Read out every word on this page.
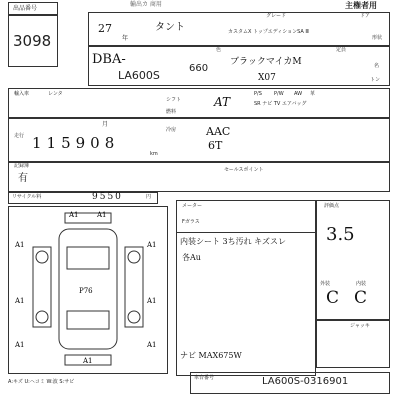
出品番号
3098
輸出カ 商用	主権者用
27
年
タント
グレード
カスタムX トップエディションSA Ⅲ
ドア
形状
DBA-
LA600S
660
色
ブラックマイカM
X07
定員
名
トン
輸入車	レンタ
シフト	AT
燃料
P/S P/W AW 革
SR ナビ TV エアバッグ
月
冷房	AAC
走行 115908
km
6T
記録簿
有
セールスポイント
リサイクル料	9550	円
A1	A1
A1	A1
A1	A1
A1	A1
P76
A1
メーター
Fガラス
内装シート 3ち汚れ キズスレ
各Au
ナビ MAX675W
評価点
3.5
外装	内装
C C
ジャッキ
A:キズ U:ヘコミ W:波 S:サビ
車台番号	LA600S-0316901
